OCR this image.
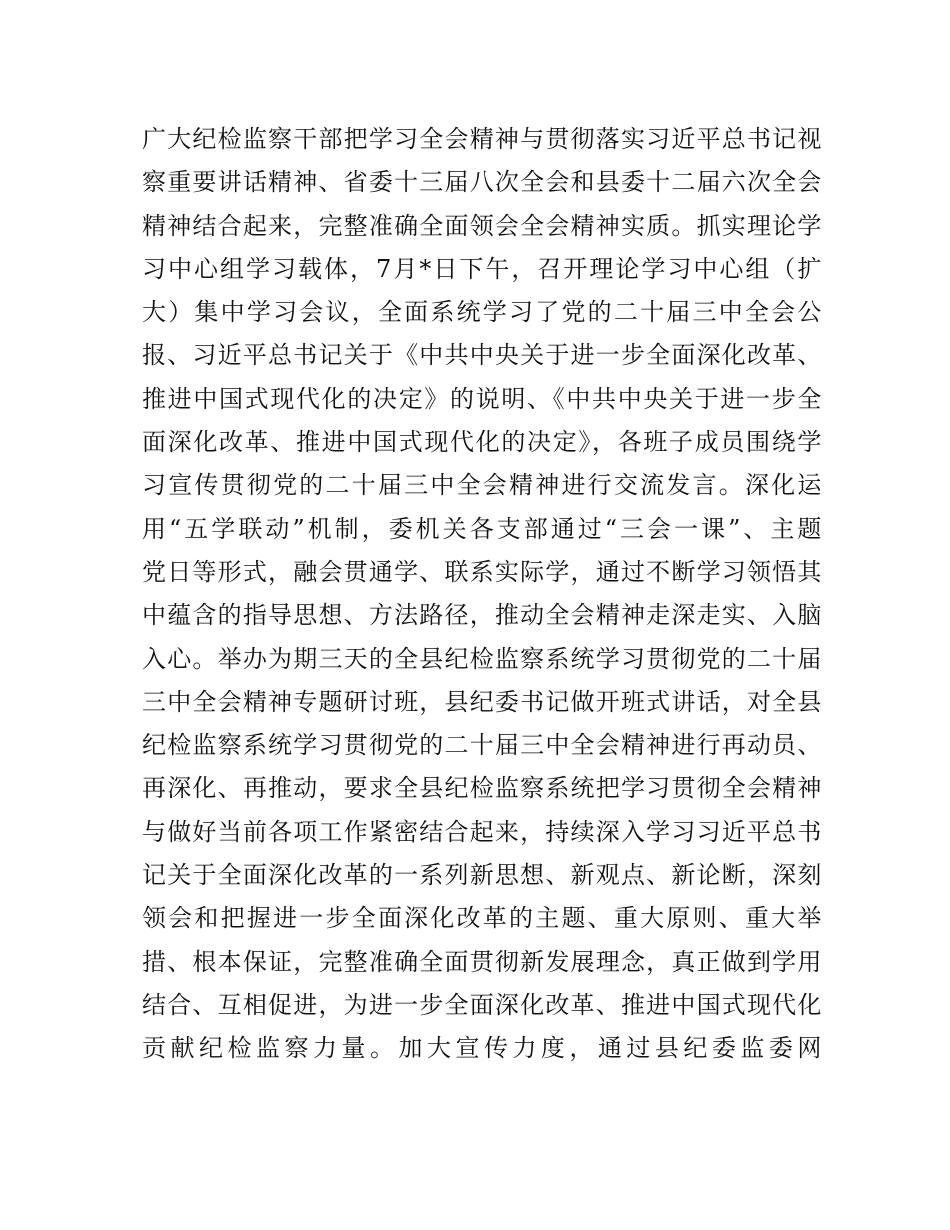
广大纪检监察干部把学习全会精神与贯彻落实习近平总书记视
察重要讲话精神、省委十三届八次全会和县委十二届六次全会
精神结合起来，完整准确全面领会全会精神实质。抓实理论学
习中心组学习载体，7月*日下午，召开理论学习中心组（扩
大）集中学习会议，全面系统学习了党的二十届三中全会公
报、习近平总书记关于《中共中央关于进一步全面深化改革、
推进中国式现代化的决定》的说明、《中共中央关于进一步全
面深化改革、推进中国式现代化的决定》，各班子成员围绕学
习宣传贯彻党的二十届三中全会精神进行交流发言。深化运
用“五学联动”机制，委机关各支部通过“三会一课”、主题
党日等形式，融会贯通学、联系实际学，通过不断学习领悟其
中蕴含的指导思想、方法路径，推动全会精神走深走实、入脑
入心。举办为期三天的全县纪检监察系统学习贯彻党的二十届
三中全会精神专题研讨班，县纪委书记做开班式讲话，对全县
纪检监察系统学习贯彻党的二十届三中全会精神进行再动员、
再深化、再推动，要求全县纪检监察系统把学习贯彻全会精神
与做好当前各项工作紧密结合起来，持续深入学习习近平总书
记关于全面深化改革的一系列新思想、新观点、新论断，深刻
领会和把握进一步全面深化改革的主题、重大原则、重大举
措、根本保证，完整准确全面贯彻新发展理念，真正做到学用
结合、互相促进，为进一步全面深化改革、推进中国式现代化
贡献纪检监察力量。加大宣传力度，通过县纪委监委网
